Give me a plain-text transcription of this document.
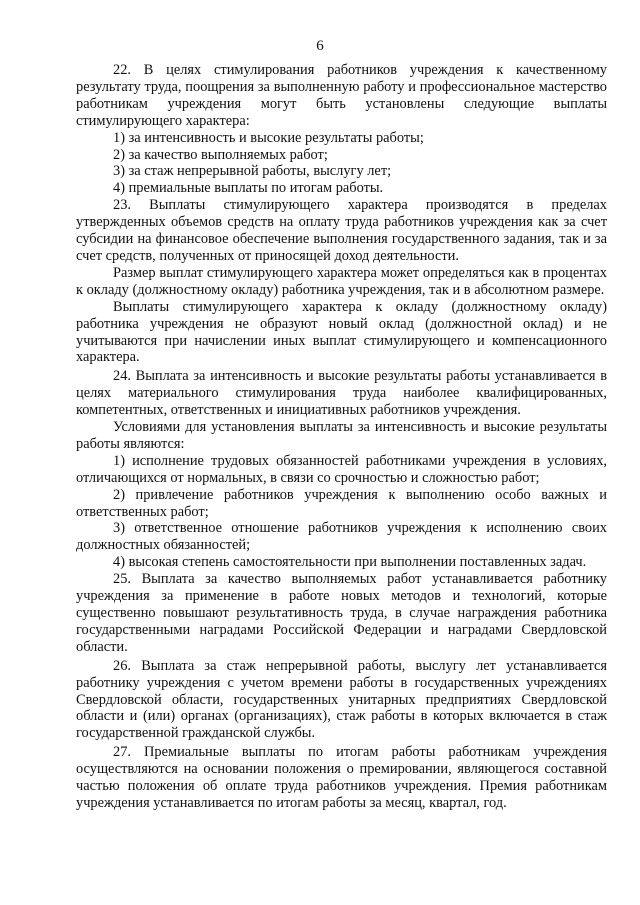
6

22. В целях стимулирования работников учреждения к качественному результату труда, поощрения за выполненную работу и профессиональное мастерство работникам учреждения могут быть установлены следующие выплаты стимулирующего характера:

1) за интенсивность и высокие результаты работы;

2) за качество выполняемых работ;

3) за стаж непрерывной работы, выслугу лет;

4) премиальные выплаты по итогам работы.

23. Выплаты стимулирующего характера производятся в пределах утвержденных объемов средств на оплату труда работников учреждения как за счет субсидии на финансовое обеспечение выполнения государственного задания, так и за счет средств, полученных от приносящей доход деятельности.

Размер выплат стимулирующего характера может определяться как в процентах к окладу (должностному окладу) работника учреждения, так и в абсолютном размере.

Выплаты стимулирующего характера к окладу (должностному окладу) работника учреждения не образуют новый оклад (должностной оклад) и не учитываются при начислении иных выплат стимулирующего и компенсационного характера.

24. Выплата за интенсивность и высокие результаты работы устанавливается в целях материального стимулирования труда наиболее квалифицированных, компетентных, ответственных и инициативных работников учреждения.

Условиями для установления выплаты за интенсивность и высокие результаты работы являются:

1) исполнение трудовых обязанностей работниками учреждения в условиях, отличающихся от нормальных, в связи со срочностью и сложностью работ;

2) привлечение работников учреждения к выполнению особо важных и ответственных работ;

3) ответственное отношение работников учреждения к исполнению своих должностных обязанностей;

4) высокая степень самостоятельности при выполнении поставленных задач.

25. Выплата за качество выполняемых работ устанавливается работнику учреждения за применение в работе новых методов и технологий, которые существенно повышают результативность труда, в случае награждения работника государственными наградами Российской Федерации и наградами Свердловской области.

26. Выплата за стаж непрерывной работы, выслугу лет устанавливается работнику учреждения с учетом времени работы в государственных учреждениях Свердловской области, государственных унитарных предприятиях Свердловской области и (или) органах (организациях), стаж работы в которых включается в стаж государственной гражданской службы.

27. Премиальные выплаты по итогам работы работникам учреждения осуществляются на основании положения о премировании, являющегося составной частью положения об оплате труда работников учреждения. Премия работникам учреждения устанавливается по итогам работы за месяц, квартал, год.
